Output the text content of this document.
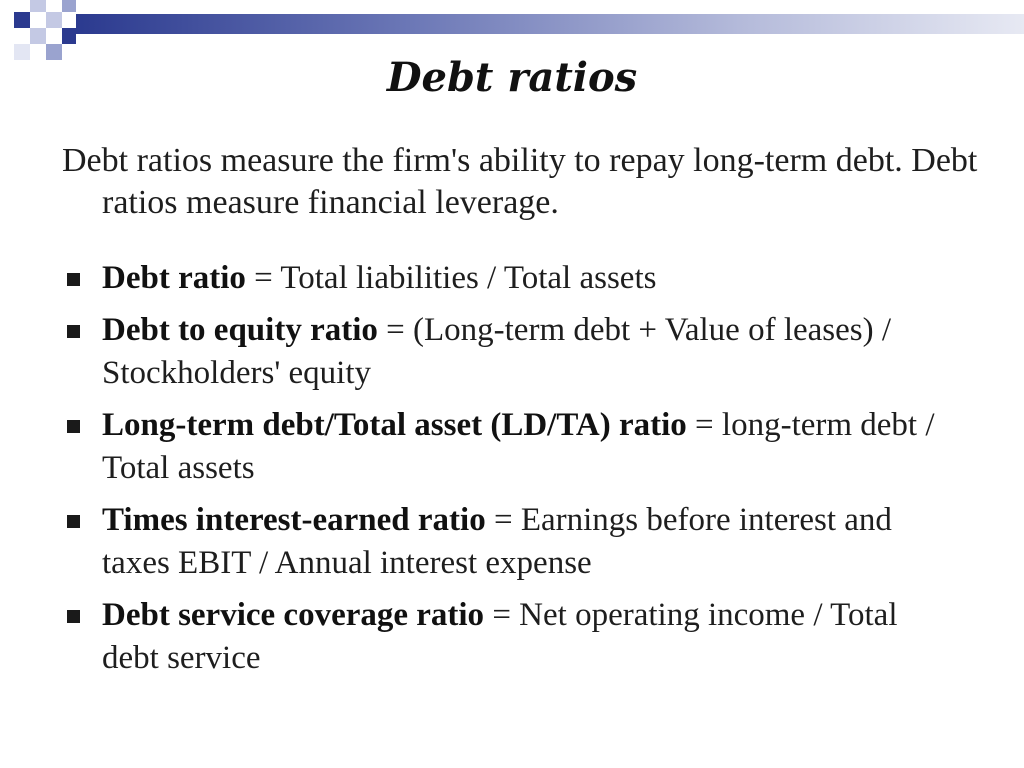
Debt ratios

Debt ratios measure the firm's ability to repay long-term debt. Debt ratios measure financial leverage.

Debt ratio = Total liabilities / Total assets
Debt to equity ratio = (Long-term debt + Value of leases) / Stockholders' equity
Long-term debt/Total asset (LD/TA) ratio = long-term debt / Total assets
Times interest-earned ratio = Earnings before interest and taxes EBIT / Annual interest expense
Debt service coverage ratio = Net operating income / Total debt service
